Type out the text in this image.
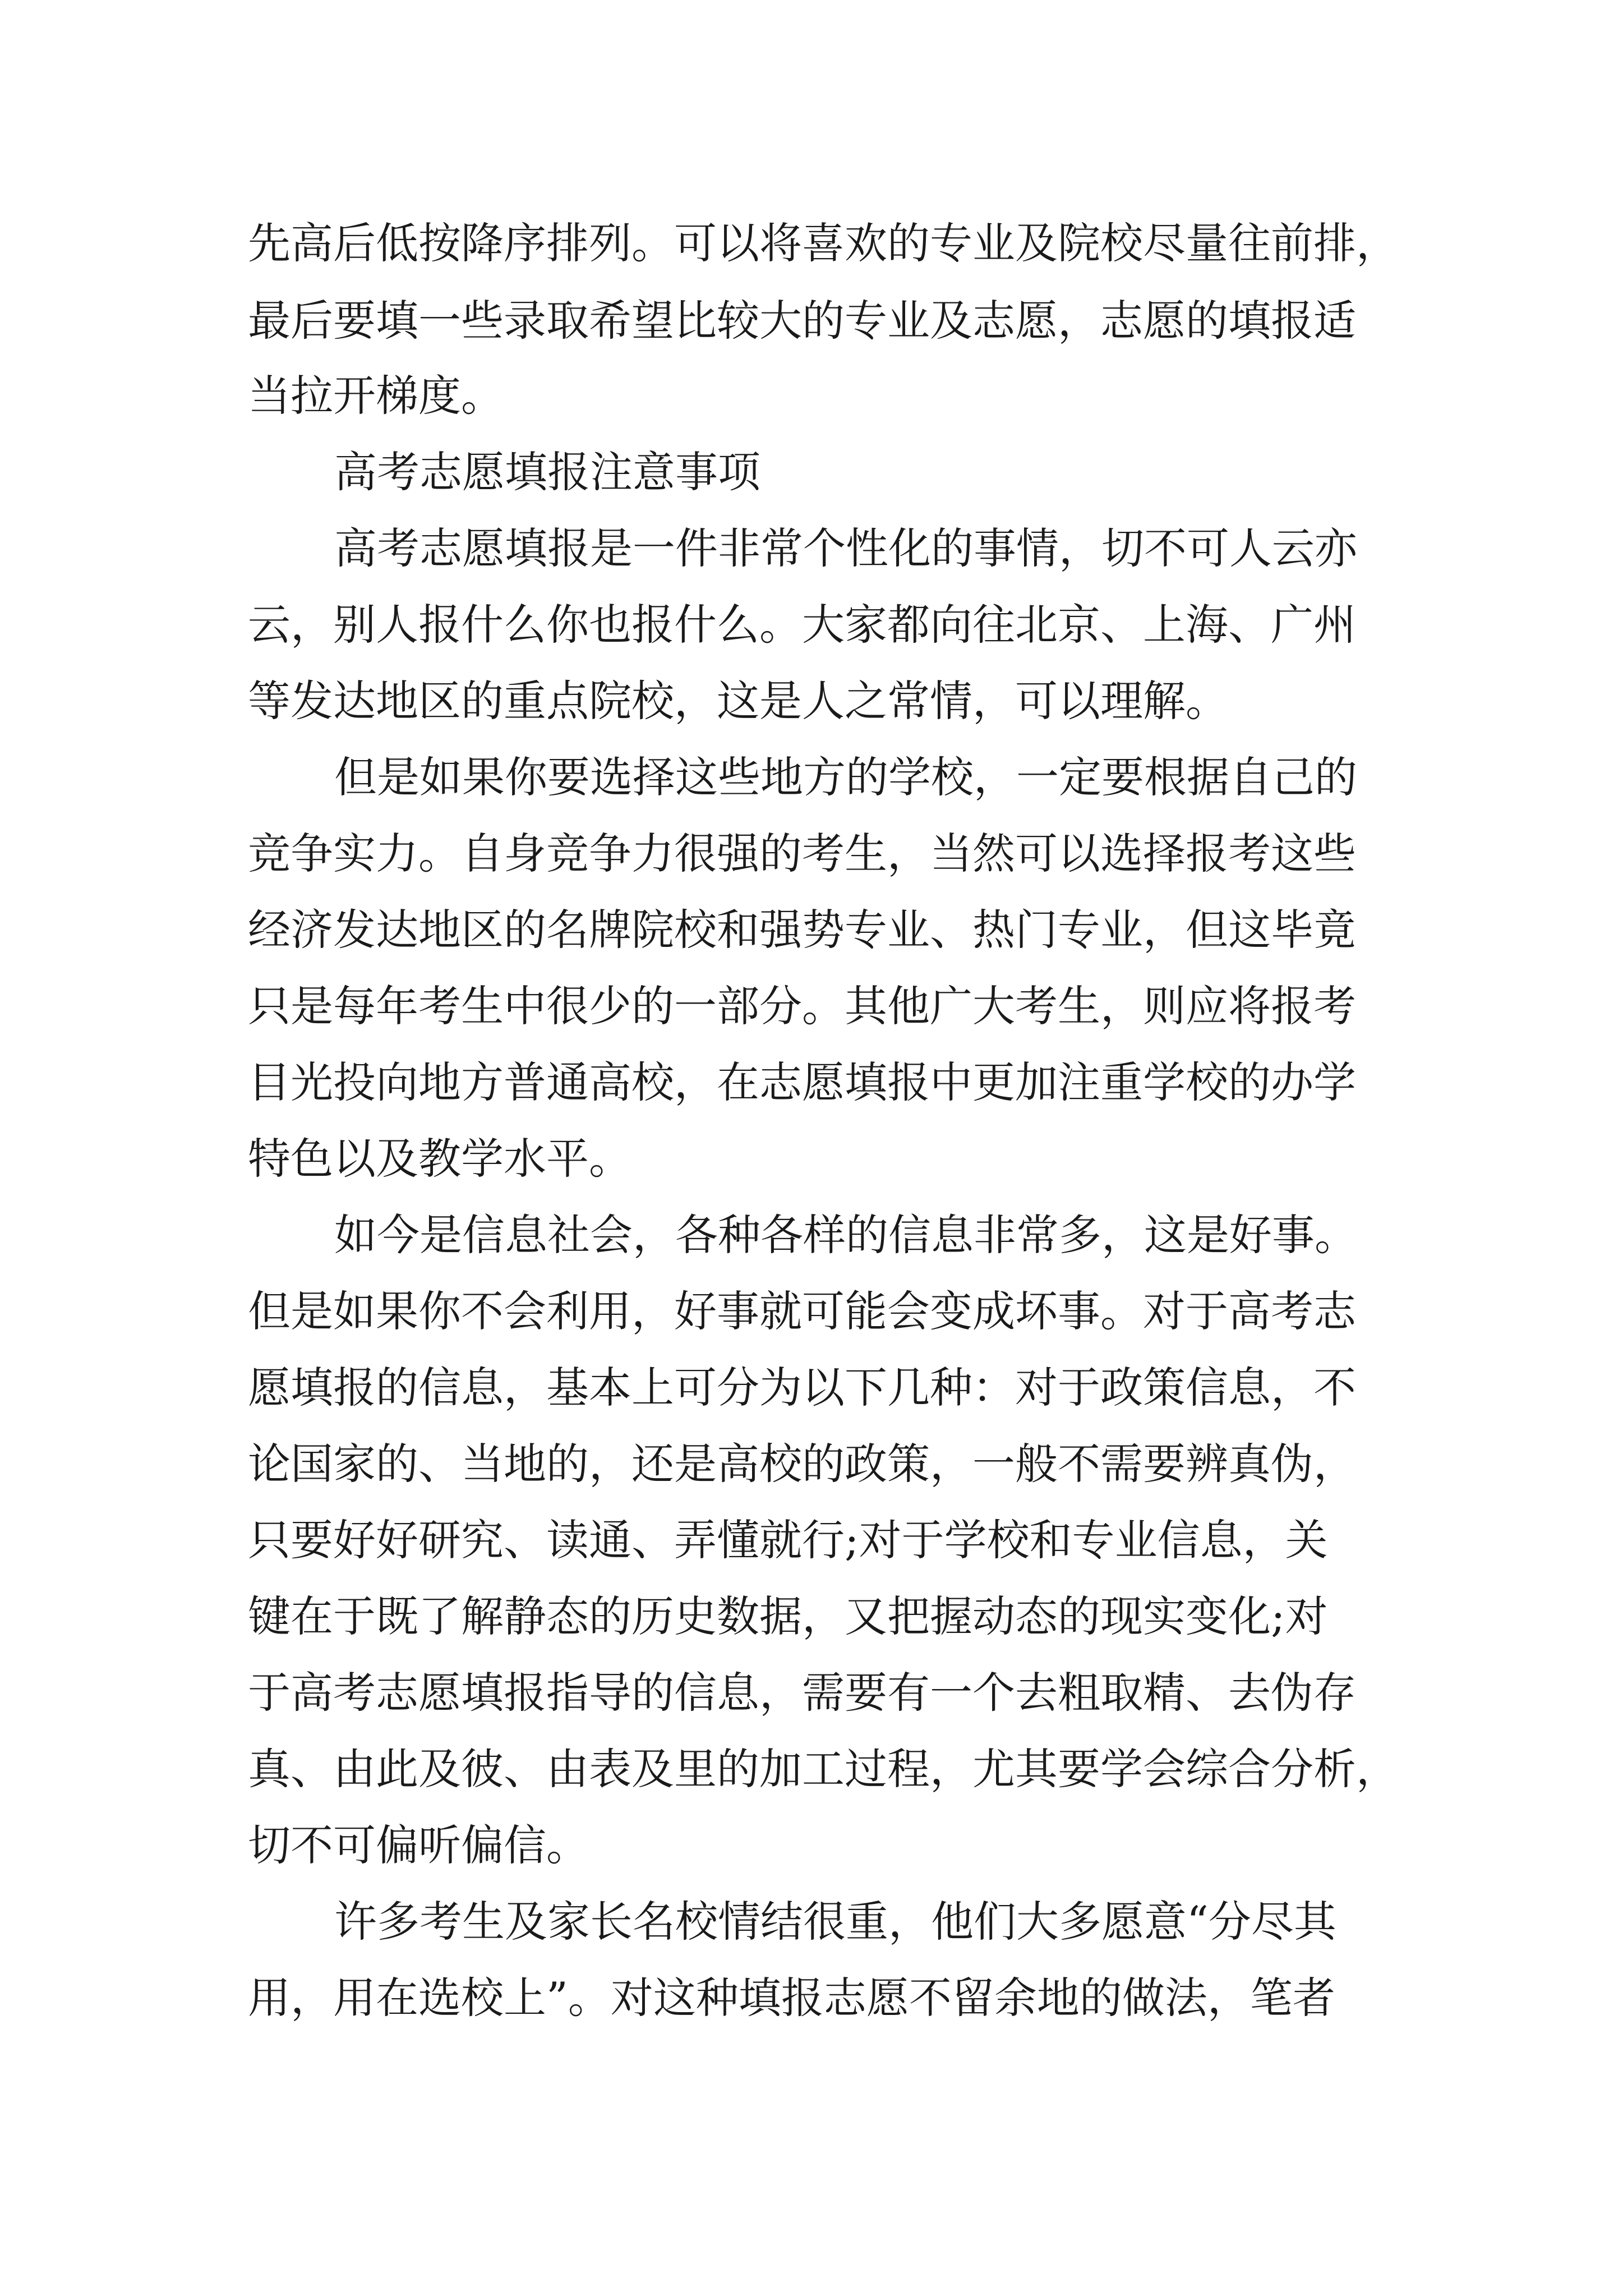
先高后低按降序排列。可以将喜欢的专业及院校尽量往前排，
最后要填一些录取希望比较大的专业及志愿，志愿的填报适
当拉开梯度。
高考志愿填报注意事项
高考志愿填报是一件非常个性化的事情，切不可人云亦
云，别人报什么你也报什么。大家都向往北京、上海、广州
等发达地区的重点院校，这是人之常情，可以理解。
但是如果你要选择这些地方的学校，一定要根据自己的
竞争实力。自身竞争力很强的考生，当然可以选择报考这些
经济发达地区的名牌院校和强势专业、热门专业，但这毕竟
只是每年考生中很少的一部分。其他广大考生，则应将报考
目光投向地方普通高校，在志愿填报中更加注重学校的办学
特色以及教学水平。
如今是信息社会，各种各样的信息非常多，这是好事。
但是如果你不会利用，好事就可能会变成坏事。对于高考志
愿填报的信息，基本上可分为以下几种：对于政策信息，不
论国家的、当地的，还是高校的政策，一般不需要辨真伪，
只要好好研究、读通、弄懂就行;对于学校和专业信息，关
键在于既了解静态的历史数据，又把握动态的现实变化;对
于高考志愿填报指导的信息，需要有一个去粗取精、去伪存
真、由此及彼、由表及里的加工过程，尤其要学会综合分析，
切不可偏听偏信。
许多考生及家长名校情结很重，他们大多愿意“分尽其
用，用在选校上”。对这种填报志愿不留余地的做法，笔者
